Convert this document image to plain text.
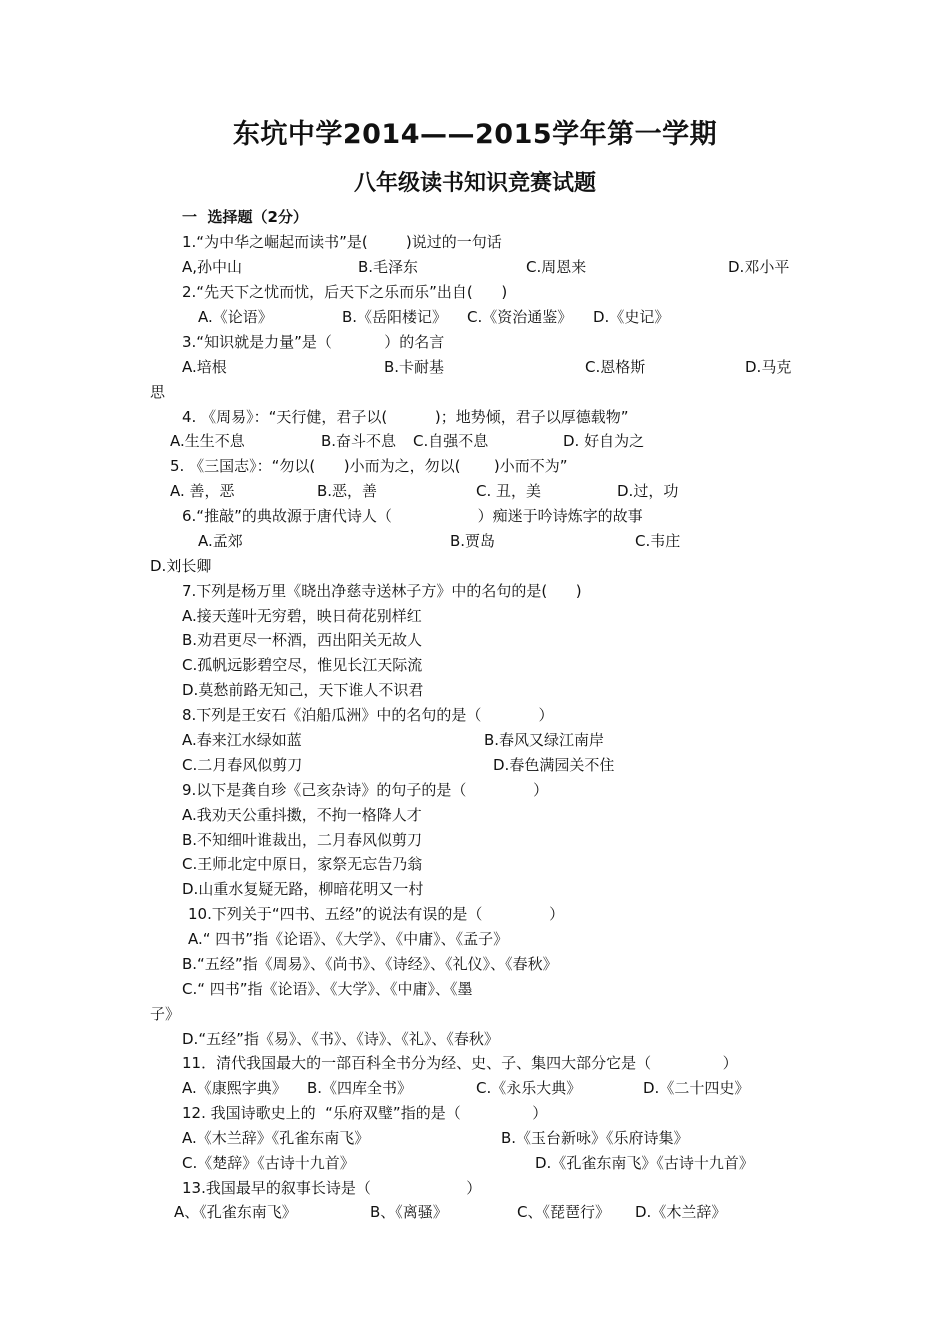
东坑中学2014——2015学年第一学期
八年级读书知识竞赛试题
一  选择题（2分）
1.“为中华之崛起而读书”是(        )说过的一句话
A,孙中山	B.毛泽东	C.周恩来	D.邓小平
2.“先天下之忧而忧，后天下之乐而乐”出自(      )
A.《论语》	B.《岳阳楼记》 C.《资治通鉴》 D.《史记》
3.“知识就是力量”是（           ）的名言
A.培根	B.卡耐基	C.恩格斯	D.马克
思
4. 《周易》：“天行健，君子以(          )；地势倾，君子以厚德载物”
A.生生不息	B.奋斗不息 C.自强不息	D. 好自为之
5. 《三国志》：“勿以(      )小而为之，勿以(       )小而不为”
A. 善，恶	B.恶，善	C. 丑，美	D.过，功
6.“推敲”的典故源于唐代诗人（                  ）痴迷于吟诗炼字的故事
A.孟郊	B.贾岛	C.韦庄
D.刘长卿
7.下列是杨万里《晓出净慈寺送林子方》中的名句的是(      )
A.接天莲叶无穷碧，映日荷花别样红
B.劝君更尽一杯酒，西出阳关无故人
C.孤帆远影碧空尽，惟见长江天际流
D.莫愁前路无知己，天下谁人不识君
8.下列是王安石《泊船瓜洲》中的名句的是（            ）
A.春来江水绿如蓝	B.春风又绿江南岸
C.二月春风似剪刀	D.春色满园关不住
9.以下是龚自珍《己亥杂诗》的句子的是（              ）
A.我劝天公重抖擞，不拘一格降人才
B.不知细叶谁裁出，二月春风似剪刀
C.王师北定中原日，家祭无忘告乃翁
D.山重水复疑无路，柳暗花明又一村
10.下列关于“四书、五经”的说法有误的是（              ）
A.“ 四书”指《论语》、《大学》、《中庸》、《孟子》
B.“五经”指《周易》、《尚书》、《诗经》、《礼仪》、《春秋》
C.“ 四书”指《论语》、《大学》、《中庸》、《墨
子》
D.“五经”指《易》、《书》、《诗》、《礼》、《春秋》
11．清代我国最大的一部百科全书分为经、史、子、集四大部分它是（               ）
A.《康熙字典》 B.《四库全书》	C.《永乐大典》	D.《二十四史》
12. 我国诗歌史上的  “乐府双璧”指的是（               ）
A.《木兰辞》《孔雀东南飞》	B.《玉台新咏》《乐府诗集》
C.《楚辞》《古诗十九首》	D.《孔雀东南飞》《古诗十九首》
13.我国最早的叙事长诗是（                    ）
A、《孔雀东南飞》	B、《离骚》	C、《琵琶行》 D.《木兰辞》
